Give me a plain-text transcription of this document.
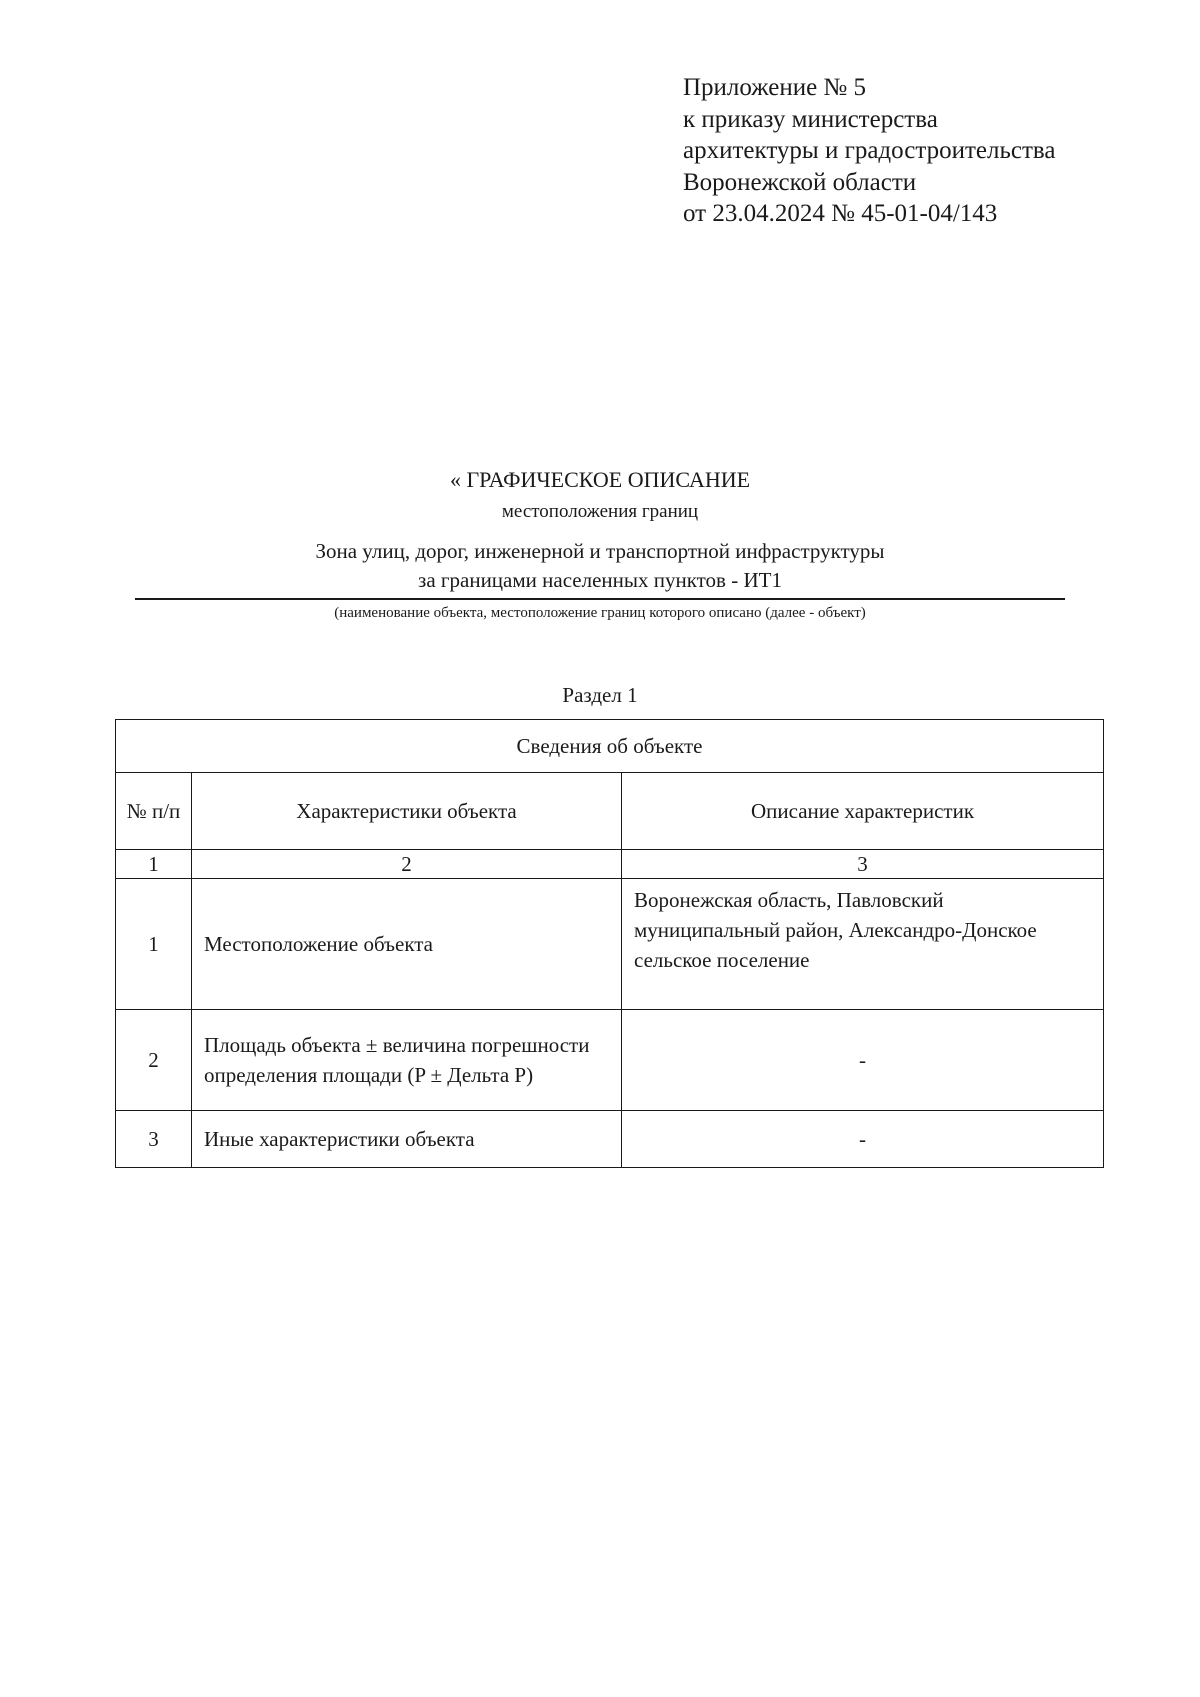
Приложение № 5
к приказу министерства
архитектуры и градостроительства
Воронежской области
от 23.04.2024 № 45-01-04/143
« ГРАФИЧЕСКОЕ ОПИСАНИЕ
местоположения границ
Зона улиц, дорог, инженерной и транспортной инфраструктуры
за границами населенных пунктов - ИТ1
(наименование объекта, местоположение границ которого описано (далее - объект)
Раздел 1
Сведения об объекте		
№ п/п	Характеристики объекта	Описание характеристик
1	2	3
1	Местоположение объекта	Воронежская область, Павловский муниципальный район, Александро-Донское сельское поселение
2	Площадь объекта ± величина погрешности определения площади (P ± Дельта P)	-
3	Иные характеристики объекта	-
